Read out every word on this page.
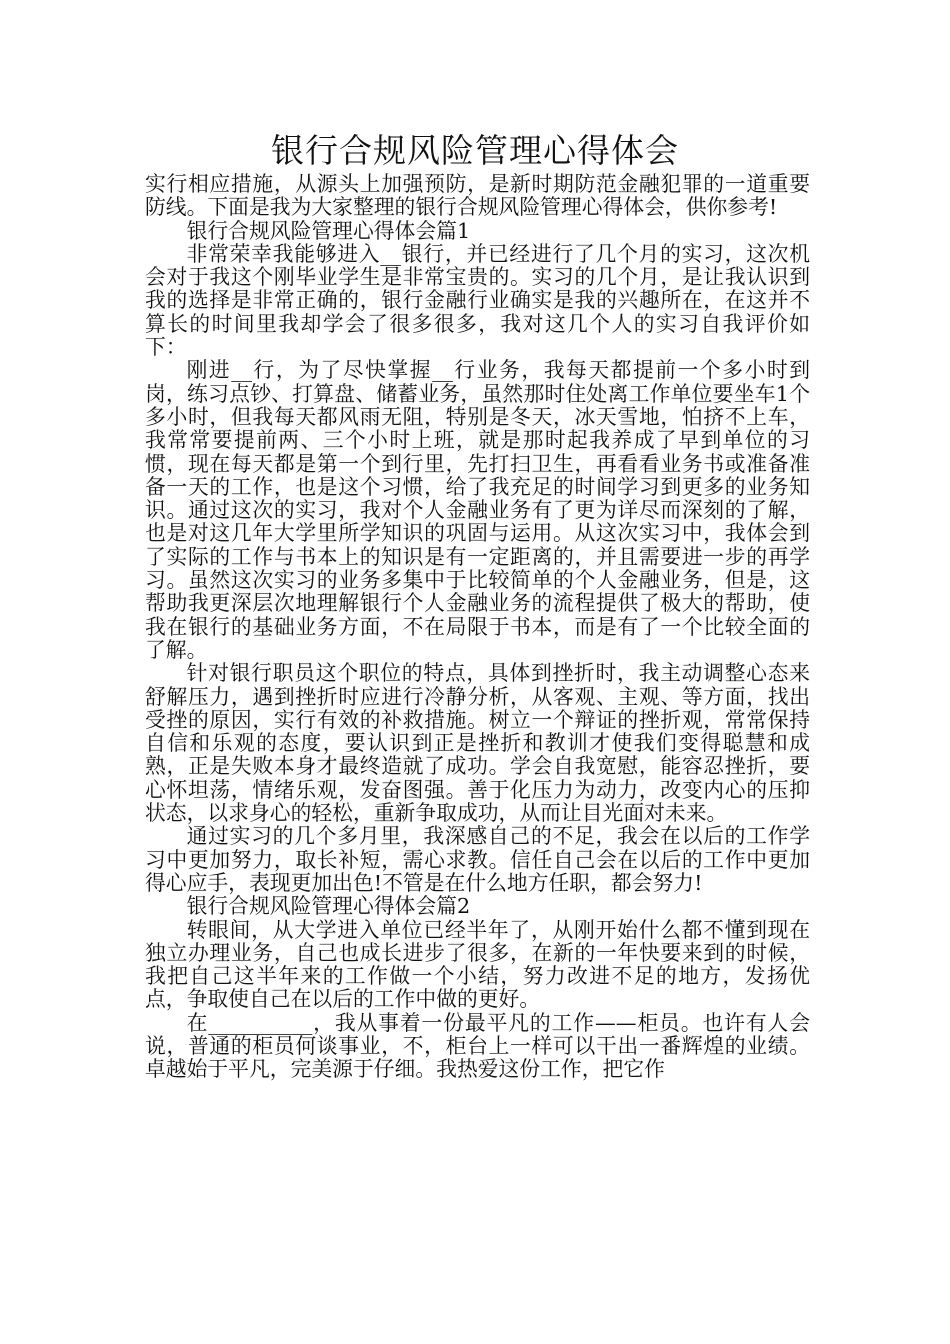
银行合规风险管理心得体会

实行相应措施，从源头上加强预防，是新时期防范金融犯罪的一道重要防线。下面是我为大家整理的银行合规风险管理心得体会，供你参考!

银行合规风险管理心得体会篇1

非常荣幸我能够进入__银行，并已经进行了几个月的实习，这次机会对于我这个刚毕业学生是非常宝贵的。实习的几个月，是让我认识到我的选择是非常正确的，银行金融行业确实是我的兴趣所在，在这并不算长的时间里我却学会了很多很多，我对这几个人的实习自我评价如下：

刚进__行，为了尽快掌握__行业务，我每天都提前一个多小时到岗，练习点钞、打算盘、储蓄业务，虽然那时住处离工作单位要坐车1个多小时，但我每天都风雨无阻，特别是冬天，冰天雪地，怕挤不上车，我常常要提前两、三个小时上班，就是那时起我养成了早到单位的习惯，现在每天都是第一个到行里，先打扫卫生，再看看业务书或准备准备一天的工作，也是这个习惯，给了我充足的时间学习到更多的业务知识。通过这次的实习，我对个人金融业务有了更为详尽而深刻的了解，也是对这几年大学里所学知识的巩固与运用。从这次实习中，我体会到了实际的工作与书本上的知识是有一定距离的，并且需要进一步的再学习。虽然这次实习的业务多集中于比较简单的个人金融业务，但是，这帮助我更深层次地理解银行个人金融业务的流程提供了极大的帮助，使我在银行的基础业务方面，不在局限于书本，而是有了一个比较全面的了解。

针对银行职员这个职位的特点，具体到挫折时，我主动调整心态来舒解压力，遇到挫折时应进行冷静分析，从客观、主观、等方面，找出受挫的原因，实行有效的补救措施。树立一个辩证的挫折观，常常保持自信和乐观的态度，要认识到正是挫折和教训才使我们变得聪慧和成熟，正是失败本身才最终造就了成功。学会自我宽慰，能容忍挫折，要心怀坦荡，情绪乐观，发奋图强。善于化压力为动力，改变内心的压抑状态，以求身心的轻松，重新争取成功，从而让目光面对未来。

通过实习的几个多月里，我深感自己的不足，我会在以后的工作学习中更加努力，取长补短，需心求教。信任自己会在以后的工作中更加得心应手，表现更加出色!不管是在什么地方任职，都会努力!

银行合规风险管理心得体会篇2

转眼间，从大学进入单位已经半年了，从刚开始什么都不懂到现在独立办理业务，自己也成长进步了很多，在新的一年快要来到的时候，我把自己这半年来的工作做一个小结，努力改进不足的地方，发扬优点，争取使自己在以后的工作中做的更好。

在__________，我从事着一份最平凡的工作——柜员。也许有人会说，普通的柜员何谈事业，不，柜台上一样可以干出一番辉煌的业绩。卓越始于平凡，完美源于仔细。我热爱这份工作，把它作
